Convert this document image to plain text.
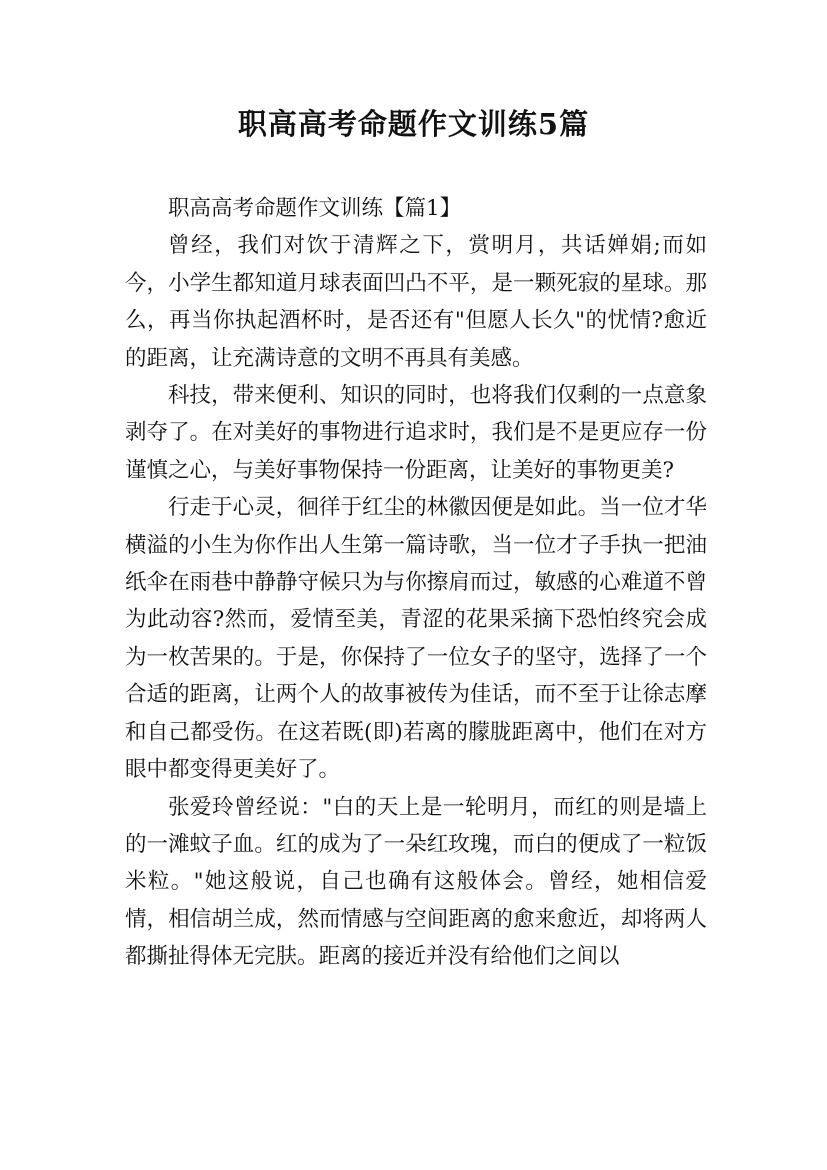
职高高考命题作文训练5篇

职高高考命题作文训练【篇1】

曾经，我们对饮于清辉之下，赏明月，共话婵娟;而如今，小学生都知道月球表面凹凸不平，是一颗死寂的星球。那么，再当你执起酒杯时，是否还有"但愿人长久"的忧情?愈近的距离，让充满诗意的文明不再具有美感。

科技，带来便利、知识的同时，也将我们仅剩的一点意象剥夺了。在对美好的事物进行追求时，我们是不是更应存一份谨慎之心，与美好事物保持一份距离，让美好的事物更美?

行走于心灵，徊徉于红尘的林徽因便是如此。当一位才华横溢的小生为你作出人生第一篇诗歌，当一位才子手执一把油纸伞在雨巷中静静守候只为与你擦肩而过，敏感的心难道不曾为此动容?然而，爱情至美，青涩的花果采摘下恐怕终究会成为一枚苦果的。于是，你保持了一位女子的坚守，选择了一个合适的距离，让两个人的故事被传为佳话，而不至于让徐志摩和自己都受伤。在这若既(即)若离的朦胧距离中，他们在对方眼中都变得更美好了。

张爱玲曾经说："白的天上是一轮明月，而红的则是墙上的一滩蚊子血。红的成为了一朵红玫瑰，而白的便成了一粒饭米粒。"她这般说，自己也确有这般体会。曾经，她相信爱情，相信胡兰成，然而情感与空间距离的愈来愈近，却将两人都撕扯得体无完肤。距离的接近并没有给他们之间以
